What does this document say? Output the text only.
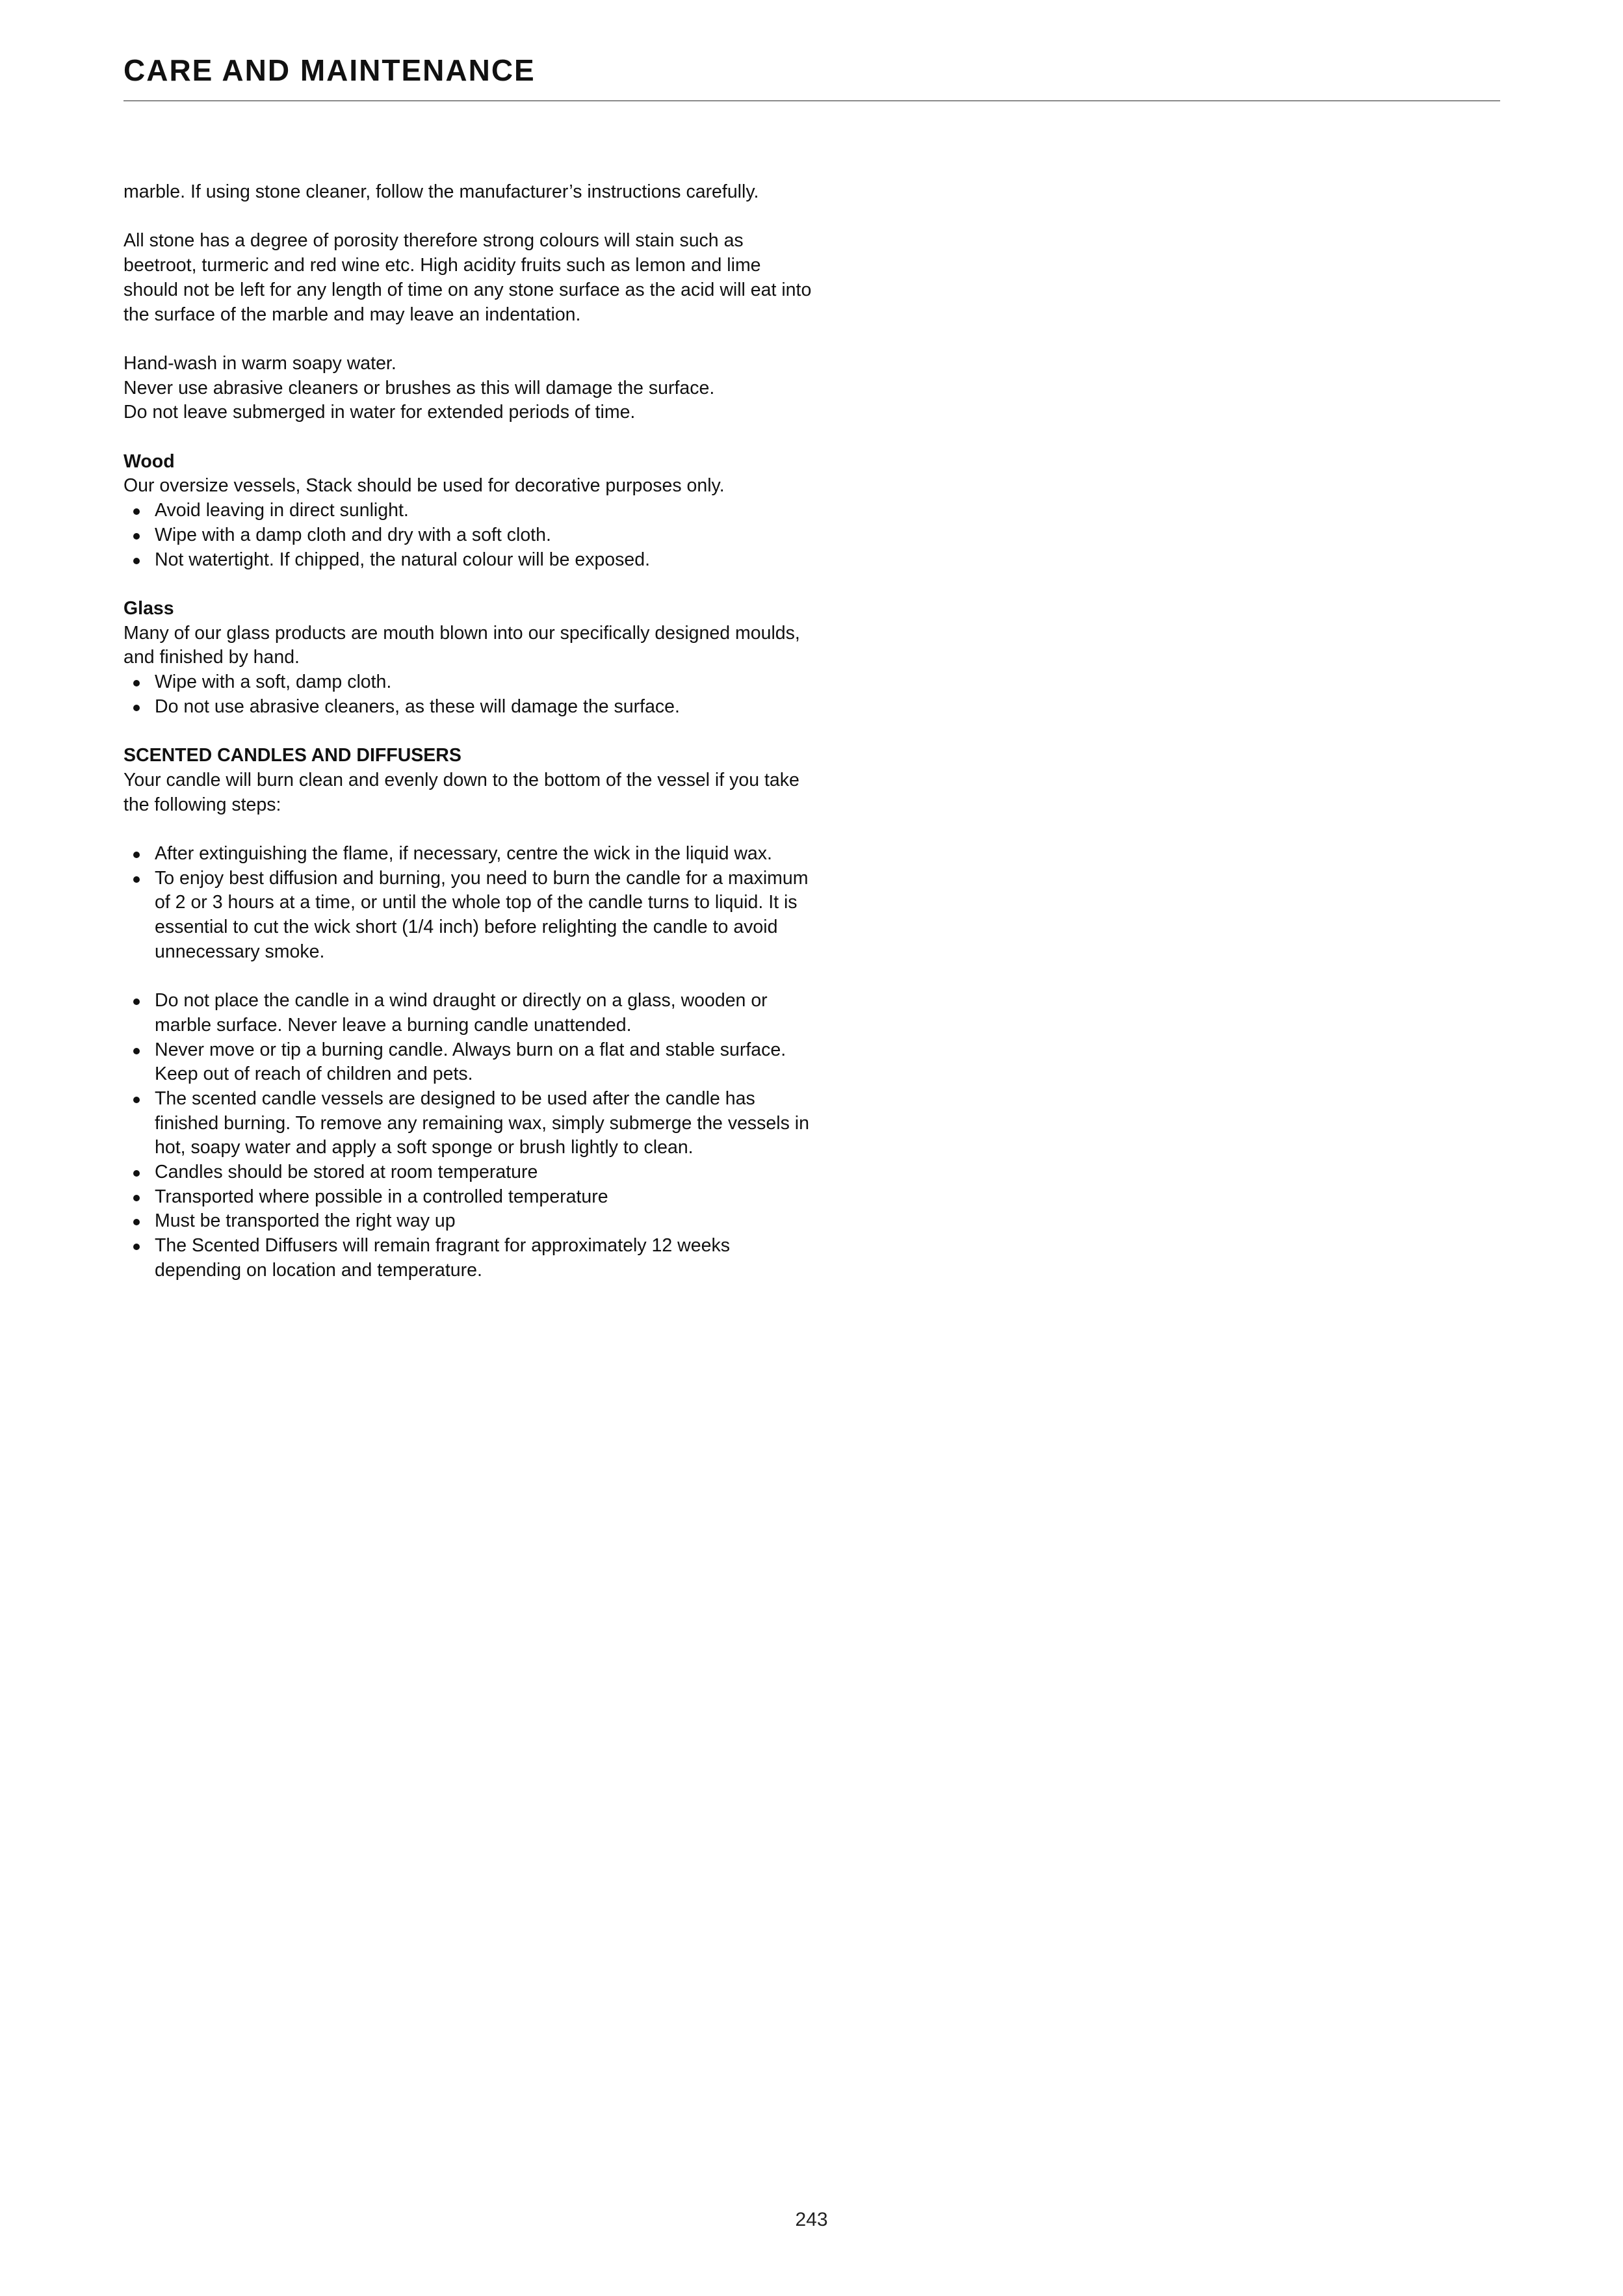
CARE AND MAINTENANCE

marble. If using stone cleaner, follow the manufacturer’s instructions carefully.

All stone has a degree of porosity therefore strong colours will stain such as beetroot, turmeric and red wine etc. High acidity fruits such as lemon and lime should not be left for any length of time on any stone surface as the acid will eat into the surface of the marble and may leave an indentation.

Hand-wash in warm soapy water.

Never use abrasive cleaners or brushes as this will damage the surface.

Do not leave submerged in water for extended periods of time.

Wood

Our oversize vessels, Stack should be used for decorative purposes only.

Avoid leaving in direct sunlight.
Wipe with a damp cloth and dry with a soft cloth.
Not watertight. If chipped, the natural colour will be exposed.

Glass

Many of our glass products are mouth blown into our specifically designed moulds, and finished by hand.

Wipe with a soft, damp cloth.
Do not use abrasive cleaners, as these will damage the surface.

SCENTED CANDLES AND DIFFUSERS

Your candle will burn clean and evenly down to the bottom of the vessel if you take the following steps:

After extinguishing the flame, if necessary, centre the wick in the liquid wax.
To enjoy best diffusion and burning, you need to burn the candle for a maximum of 2 or 3 hours at a time, or until the whole top of the candle turns to liquid. It is essential to cut the wick short (1/4 inch) before relighting the candle to avoid unnecessary smoke.
Do not place the candle in a wind draught or directly on a glass, wooden or marble surface. Never leave a burning candle unattended.
Never move or tip a burning candle. Always burn on a flat and stable surface. Keep out of reach of children and pets.
The scented candle vessels are designed to be used after the candle has finished burning. To remove any remaining wax, simply submerge the vessels in hot, soapy water and apply a soft sponge or brush lightly to clean.
Candles should be stored at room temperature
Transported where possible in a controlled temperature
Must be transported the right way up
The Scented Diffusers will remain fragrant for approximately 12 weeks depending on location and temperature.
243
